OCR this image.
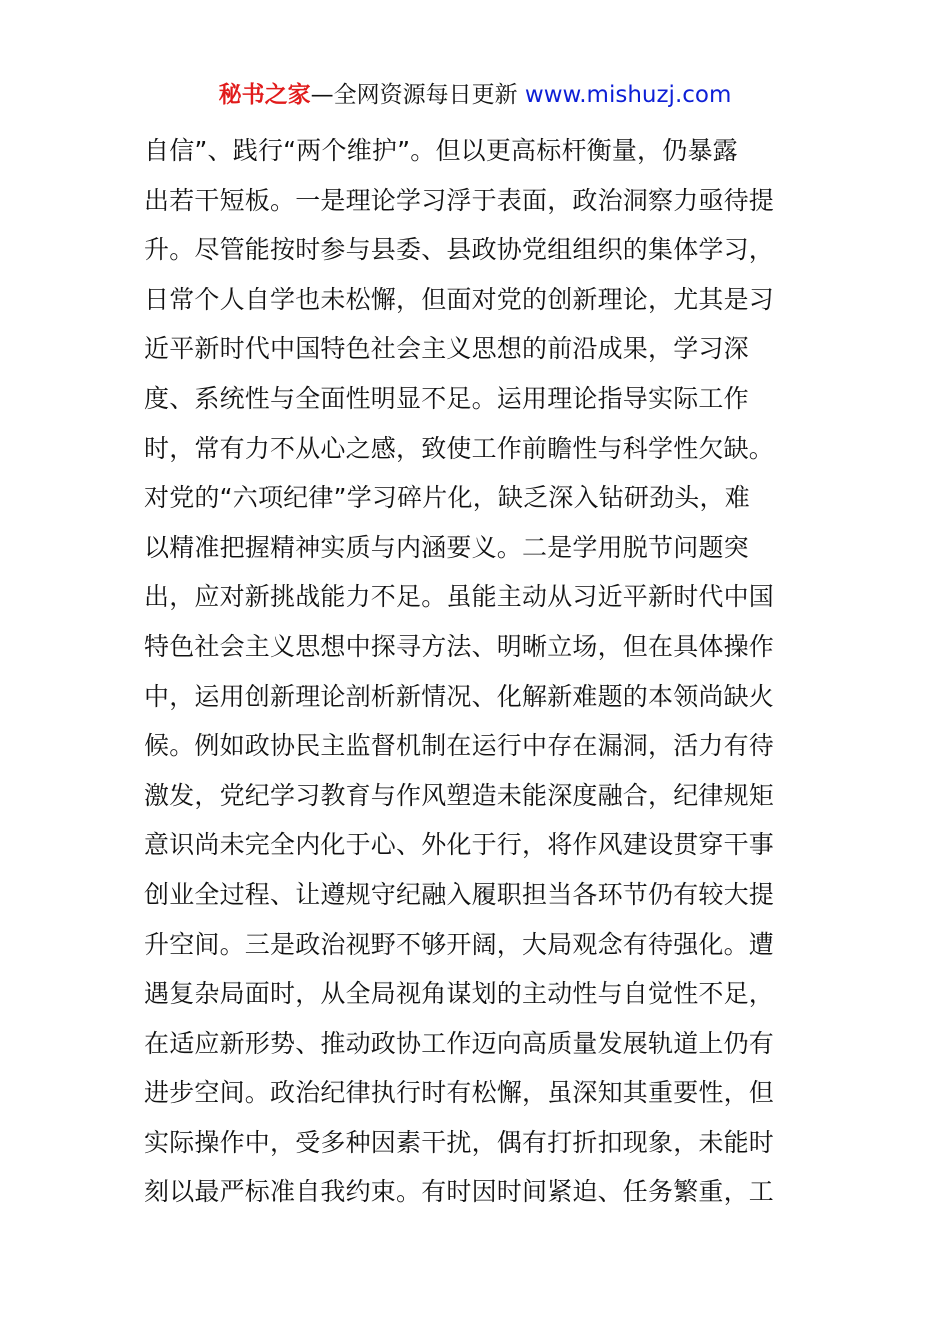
秘书之家—全网资源每日更新 www.mishuzj.com
自信”、践行“两个维护”。但以更高标杆衡量，仍暴露
出若干短板。一是理论学习浮于表面，政治洞察力亟待提
升。尽管能按时参与县委、县政协党组组织的集体学习，
日常个人自学也未松懈，但面对党的创新理论，尤其是习
近平新时代中国特色社会主义思想的前沿成果，学习深
度、系统性与全面性明显不足。运用理论指导实际工作
时，常有力不从心之感，致使工作前瞻性与科学性欠缺。
对党的“六项纪律”学习碎片化，缺乏深入钻研劲头，难
以精准把握精神实质与内涵要义。二是学用脱节问题突
出，应对新挑战能力不足。虽能主动从习近平新时代中国
特色社会主义思想中探寻方法、明晰立场，但在具体操作
中，运用创新理论剖析新情况、化解新难题的本领尚缺火
候。例如政协民主监督机制在运行中存在漏洞，活力有待
激发，党纪学习教育与作风塑造未能深度融合，纪律规矩
意识尚未完全内化于心、外化于行，将作风建设贯穿干事
创业全过程、让遵规守纪融入履职担当各环节仍有较大提
升空间。三是政治视野不够开阔，大局观念有待强化。遭
遇复杂局面时，从全局视角谋划的主动性与自觉性不足，
在适应新形势、推动政协工作迈向高质量发展轨道上仍有
进步空间。政治纪律执行时有松懈，虽深知其重要性，但
实际操作中，受多种因素干扰，偶有打折扣现象，未能时
刻以最严标准自我约束。有时因时间紧迫、任务繁重，工
